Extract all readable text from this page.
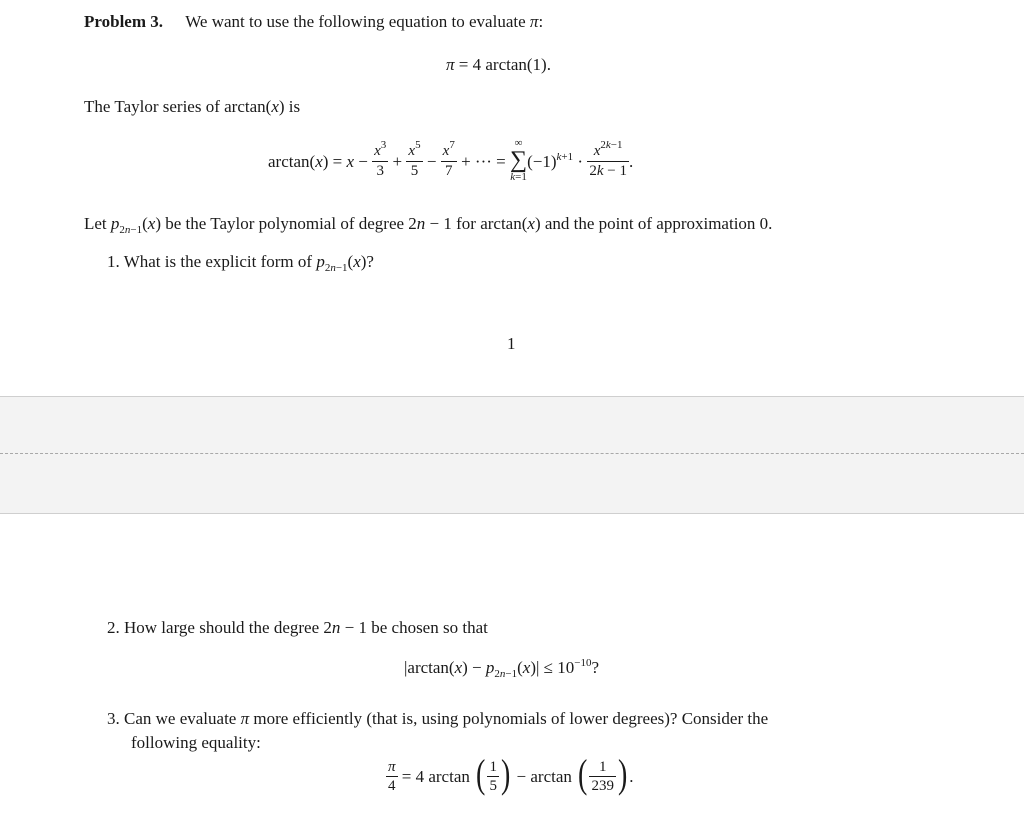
Problem 3. We want to use the following equation to evaluate π:
π = 4 arctan(1).
The Taylor series of arctan(x) is
$\arctan(x) = x - \frac{x^3}{3} + \frac{x^5}{5} - \frac{x^7}{7}$ + ··· =
∞
∑
k=1
$(-1)^{k+1} \cdot \frac{x^{2k-1}}{2k - 1}$ .
Let $p_{2n-1}(x)$ be the Taylor polynomial of degree 2n − 1 for arctan(x) and the point of approximation 0.
1. What is the explicit form of $p_{2n-1}(x)$?
1
2. How large should the degree 2n − 1 be chosen so that
$|\arctan(x) - p_{2n-1}(x)| \le 10^{-10}$?
3. Can we evaluate π more efficiently (that is, using polynomials of lower degrees)? Consider the
following equality:
$\frac{\pi}{4} = 4$ arctan ( $\frac{1}{5}$ ) − arctan ( $\frac{1}{239}$ ) .
